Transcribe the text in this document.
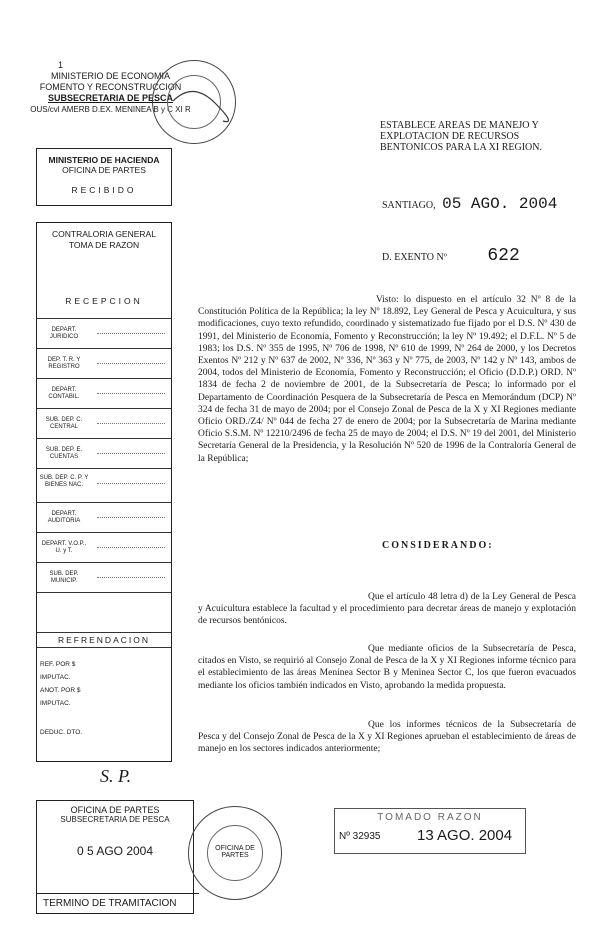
1
MINISTERIO DE ECONOMIA
FOMENTO Y RECONSTRUCCION
SUBSECRETARIA DE PESCA
OUS/cvl AMERB D.EX. MENINEA B y C XI R
ESTABLECE AREAS DE MANEJO Y
EXPLOTACION DE RECURSOS
BENTONICOS PARA LA XI REGION.
SANTIAGO, 05 AGO. 2004
D. EXENTO Nº 622
MINISTERIO DE HACIENDA
OFICINA DE PARTES
RECIBIDO
CONTRALORIA GENERAL
TOMA DE RAZON
RECEPCION
DEPART. JURIDICO
DEP. T. R. Y REGISTRO
DEPART. CONTABIL.
SUB. DEP. C. CENTRAL
SUB. DEP. E. CUENTAS
SUB. DEP. C. P. Y BIENES NAC.
DEPART. AUDITORIA
DEPART. V.O.P., U. y T.
SUB. DEP. MUNICIP.
REFRENDACION
REF. POR $
IMPUTAC.
ANOT. POR $
IMPUTAC.
DEDUC. DTO.
S. P.
Visto: lo dispuesto en el artículo 32 Nº 8 de la Constitución Política de la República; la ley Nº 18.892, Ley General de Pesca y Acuicultura, y sus modificaciones, cuyo texto refundido, coordinado y sistematizado fue fijado por el D.S. Nº 430 de 1991, del Ministerio de Economía, Fomento y Reconstrucción; la ley Nº 19.492; el D.F.L. Nº 5 de 1983; los D.S. Nº 355 de 1995, Nº 706 de 1998, Nº 610 de 1999, Nº 264 de 2000, y los Decretos Exentos Nº 212 y Nº 637 de 2002, Nº 336, Nº 363 y Nº 775, de 2003, Nº 142 y Nº 143, ambos de 2004, todos del Ministerio de Economía, Fomento y Reconstrucción; el Oficio (D.D.P.) ORD. Nº 1834 de fecha 2 de noviembre de 2001, de la Subsecretaría de Pesca; lo informado por el Departamento de Coordinación Pesquera de la Subsecretaría de Pesca en Memorándum (DCP) Nº 324 de fecha 31 de mayo de 2004; por el Consejo Zonal de Pesca de la X y XI Regiones mediante Oficio ORD./Z4/ Nº 044 de fecha 27 de enero de 2004; por la Subsecretaría de Marina mediante Oficio S.S.M. Nº 12210/2496 de fecha 25 de mayo de 2004; el D.S. Nº 19 del 2001, del Ministerio Secretaría General de la Presidencia, y la Resolución Nº 520 de 1996 de la Contraloría General de la República;
CONSIDERANDO:
Que el artículo 48 letra d) de la Ley General de Pesca y Acuicultura establece la facultad y el procedimiento para decretar áreas de manejo y explotación de recursos bentónicos.
Que mediante oficios de la Subsecretaría de Pesca, citados en Visto, se requirió al Consejo Zonal de Pesca de la X y XI Regiones informe técnico para el establecimiento de las áreas Meninea Sector B y Meninea Sector C, los que fueron evacuados mediante los oficios también indicados en Visto, aprobando la medida propuesta.
Que los informes técnicos de la Subsecretaría de Pesca y del Consejo Zonal de Pesca de la X y XI Regiones aprueban el establecimiento de áreas de manejo en los sectores indicados anteriormente;
OFICINA DE PARTES
SUBSECRETARIA DE PESCA
0 5 AGO 2004
TERMINO DE TRAMITACION
OFICINA DE PARTES
TOMADO RAZON
Nº 32935 13 AGO. 2004
